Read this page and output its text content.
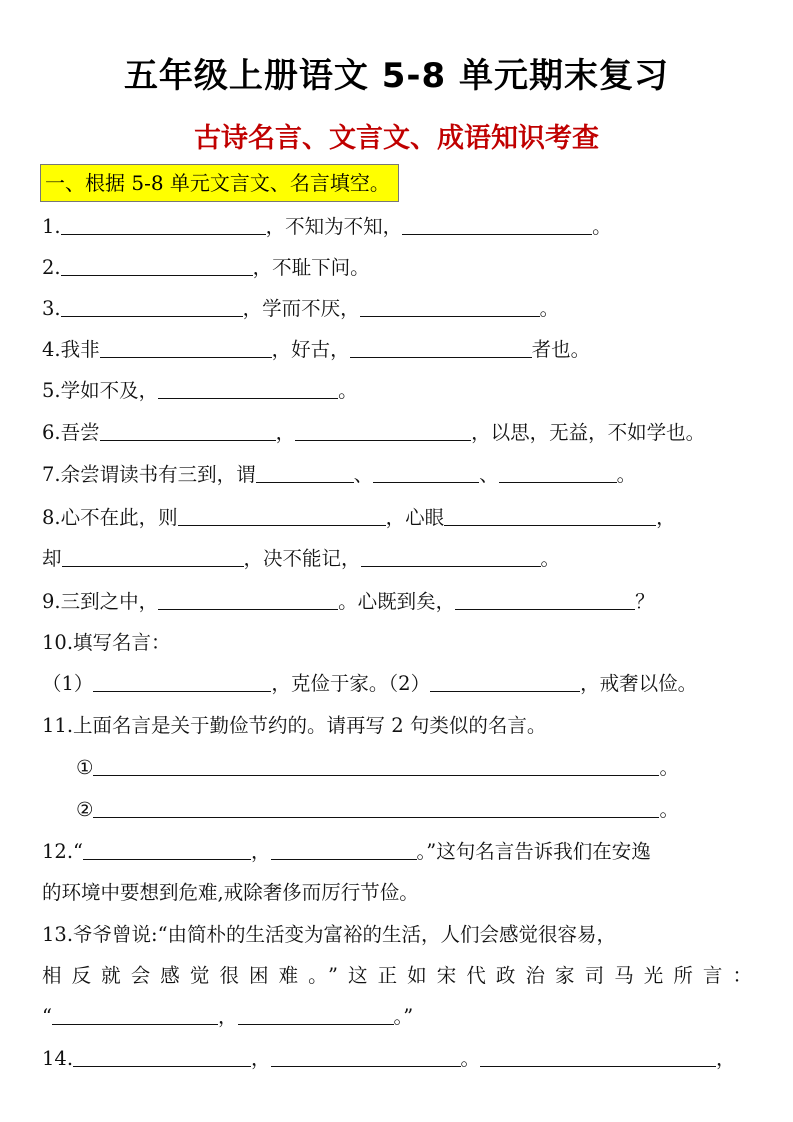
五年级上册语文 5-8 单元期末复习
古诗名言、文言文、成语知识考查
一、根据 5-8 单元文言文、名言填空。
1.	，不知为不知，	。
2.	，不耻下问。
3.	，学而不厌，	。
4.我非	，好古，	者也。
5.学如不及，	。
6.吾尝	，	，以思，无益，不如学也。
7.余尝谓读书有三到，谓	、	、	。
8.心不在此，则	，心眼	，
却	，决不能记，	。
9.三到之中，	。心既到矣，	？
10.填写名言：
（1）	，克俭于家。（2）	，戒奢以俭。
11.上面名言是关于勤俭节约的。请再写 2 句类似的名言。
①	。
②	。
12.“	，	。”这句名言告诉我们在安逸
的环境中要想到危难,戒除奢侈而厉行节俭。
13.爷爷曾说:“由简朴的生活变为富裕的生活，人们会感觉很容易，
相反就会感觉很困难。”这正如宋代政治家司马光所言：
“	，	。”
14.	，	。	，
